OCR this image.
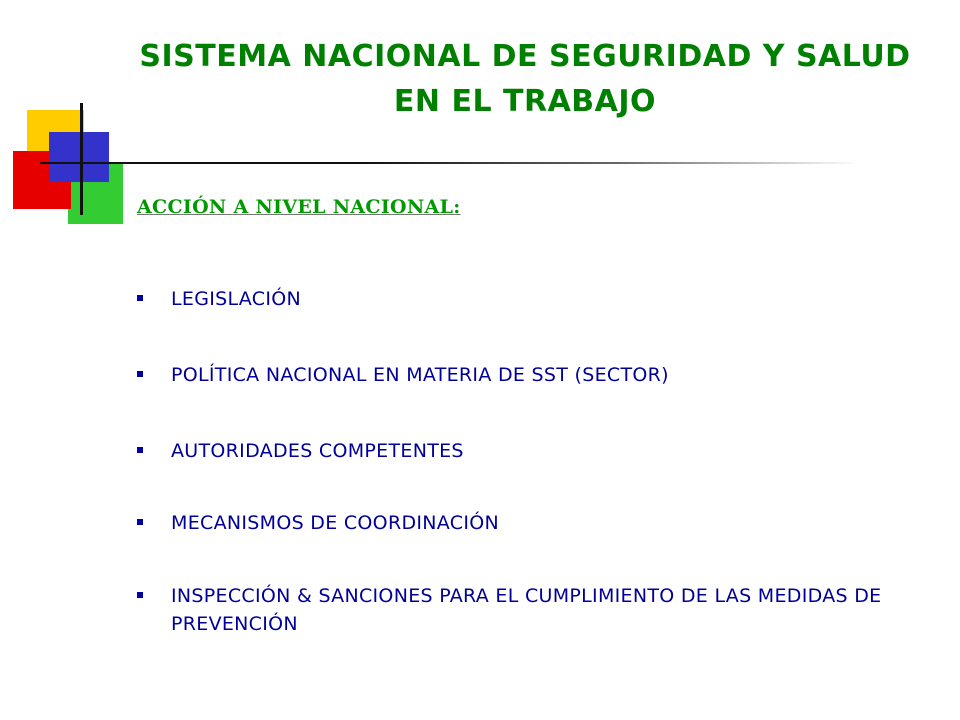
SISTEMA NACIONAL DE SEGURIDAD Y SALUD EN EL TRABAJO
ACCIÓN A NIVEL NACIONAL:
LEGISLACIÓN
POLÍTICA NACIONAL EN MATERIA DE SST (SECTOR)
AUTORIDADES COMPETENTES
MECANISMOS DE COORDINACIÓN
INSPECCIÓN & SANCIONES PARA EL CUMPLIMIENTO DE LAS MEDIDAS DE PREVENCIÓN
